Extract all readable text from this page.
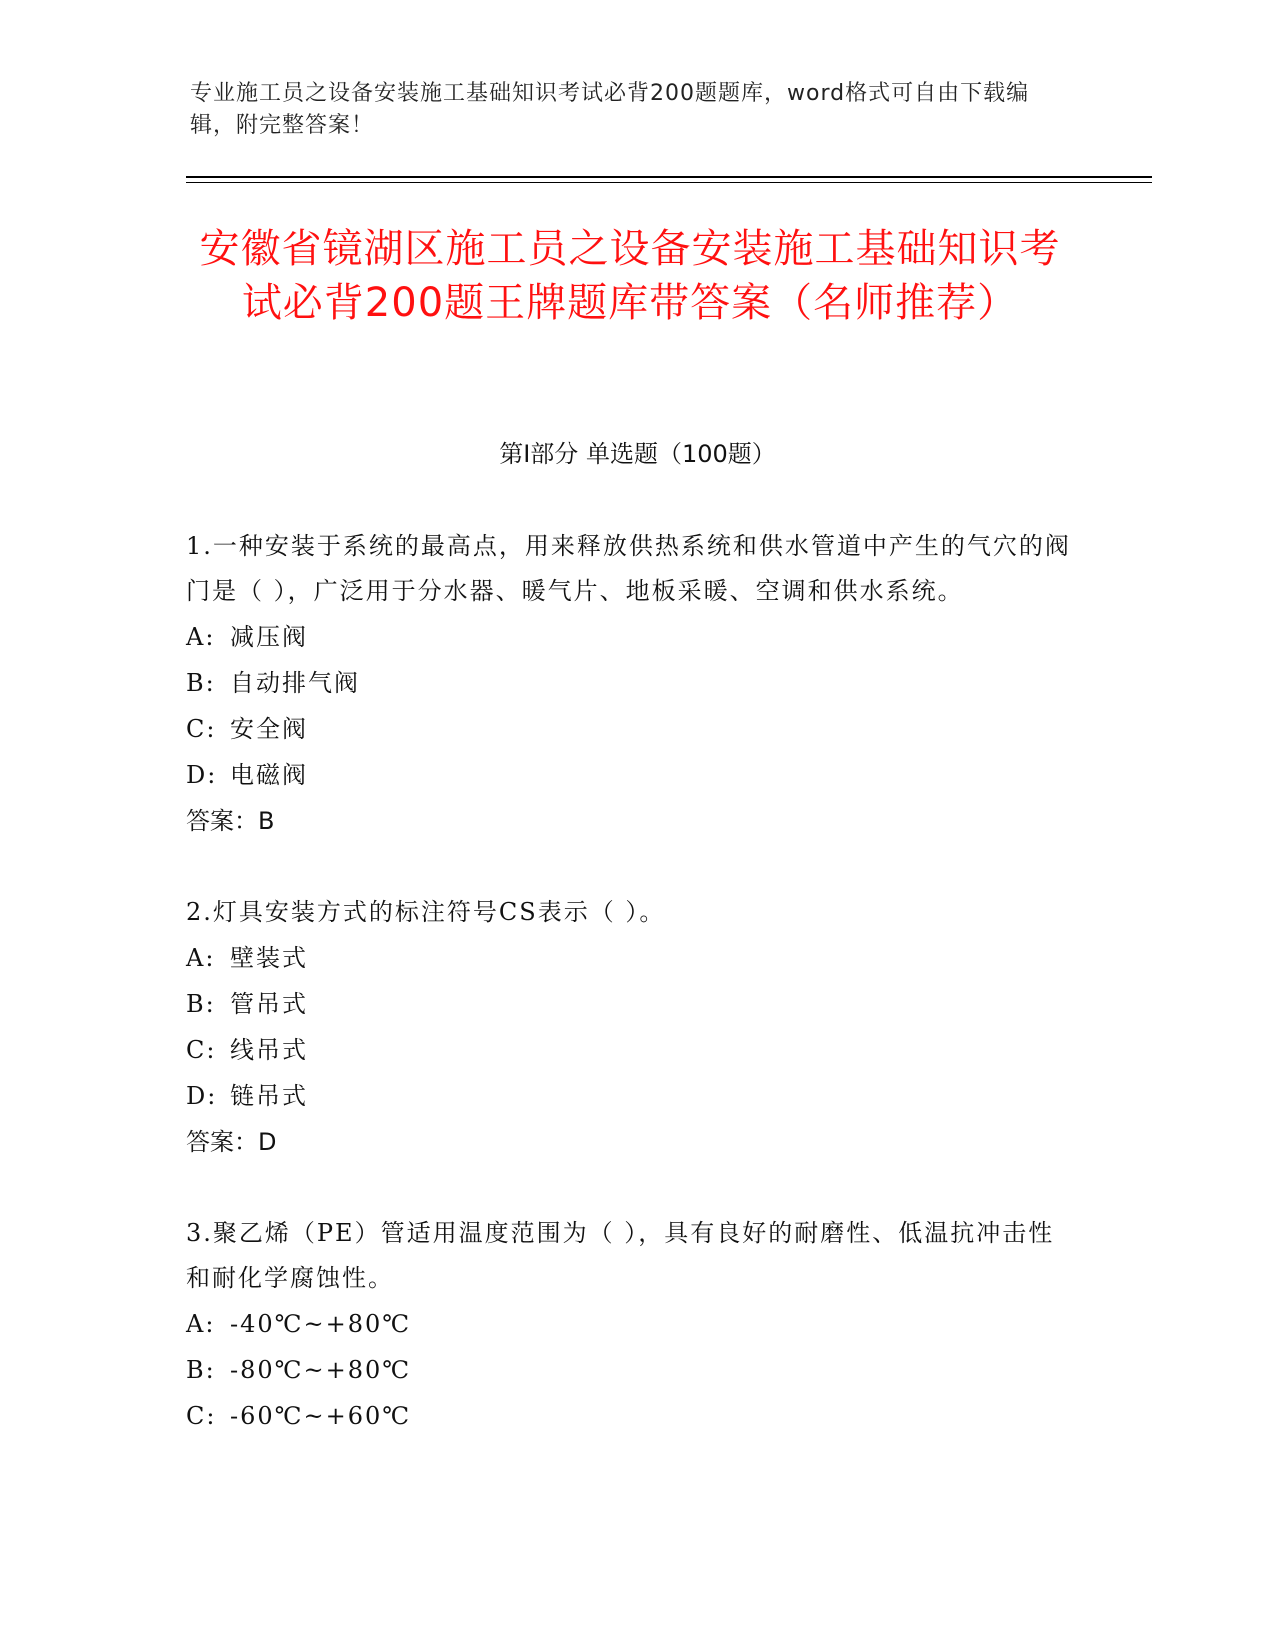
专业施工员之设备安装施工基础知识考试必背200题题库，word格式可自由下载编辑，附完整答案！
安徽省镜湖区施工员之设备安装施工基础知识考试必背200题王牌题库带答案（名师推荐）
第I部分 单选题（100题）
1.一种安装于系统的最高点，用来释放供热系统和供水管道中产生的气穴的阀门是（ ），广泛用于分水器、暖气片、地板采暖、空调和供水系统。
A: 减压阀
B: 自动排气阀
C: 安全阀
D: 电磁阀
答案：B
2.灯具安装方式的标注符号CS表示（ ）。
A: 壁装式
B: 管吊式
C: 线吊式
D: 链吊式
答案：D
3.聚乙烯（PE）管适用温度范围为（ ），具有良好的耐磨性、低温抗冲击性和耐化学腐蚀性。
A: -40℃~+80℃
B: -80℃~+80℃
C: -60℃~+60℃
